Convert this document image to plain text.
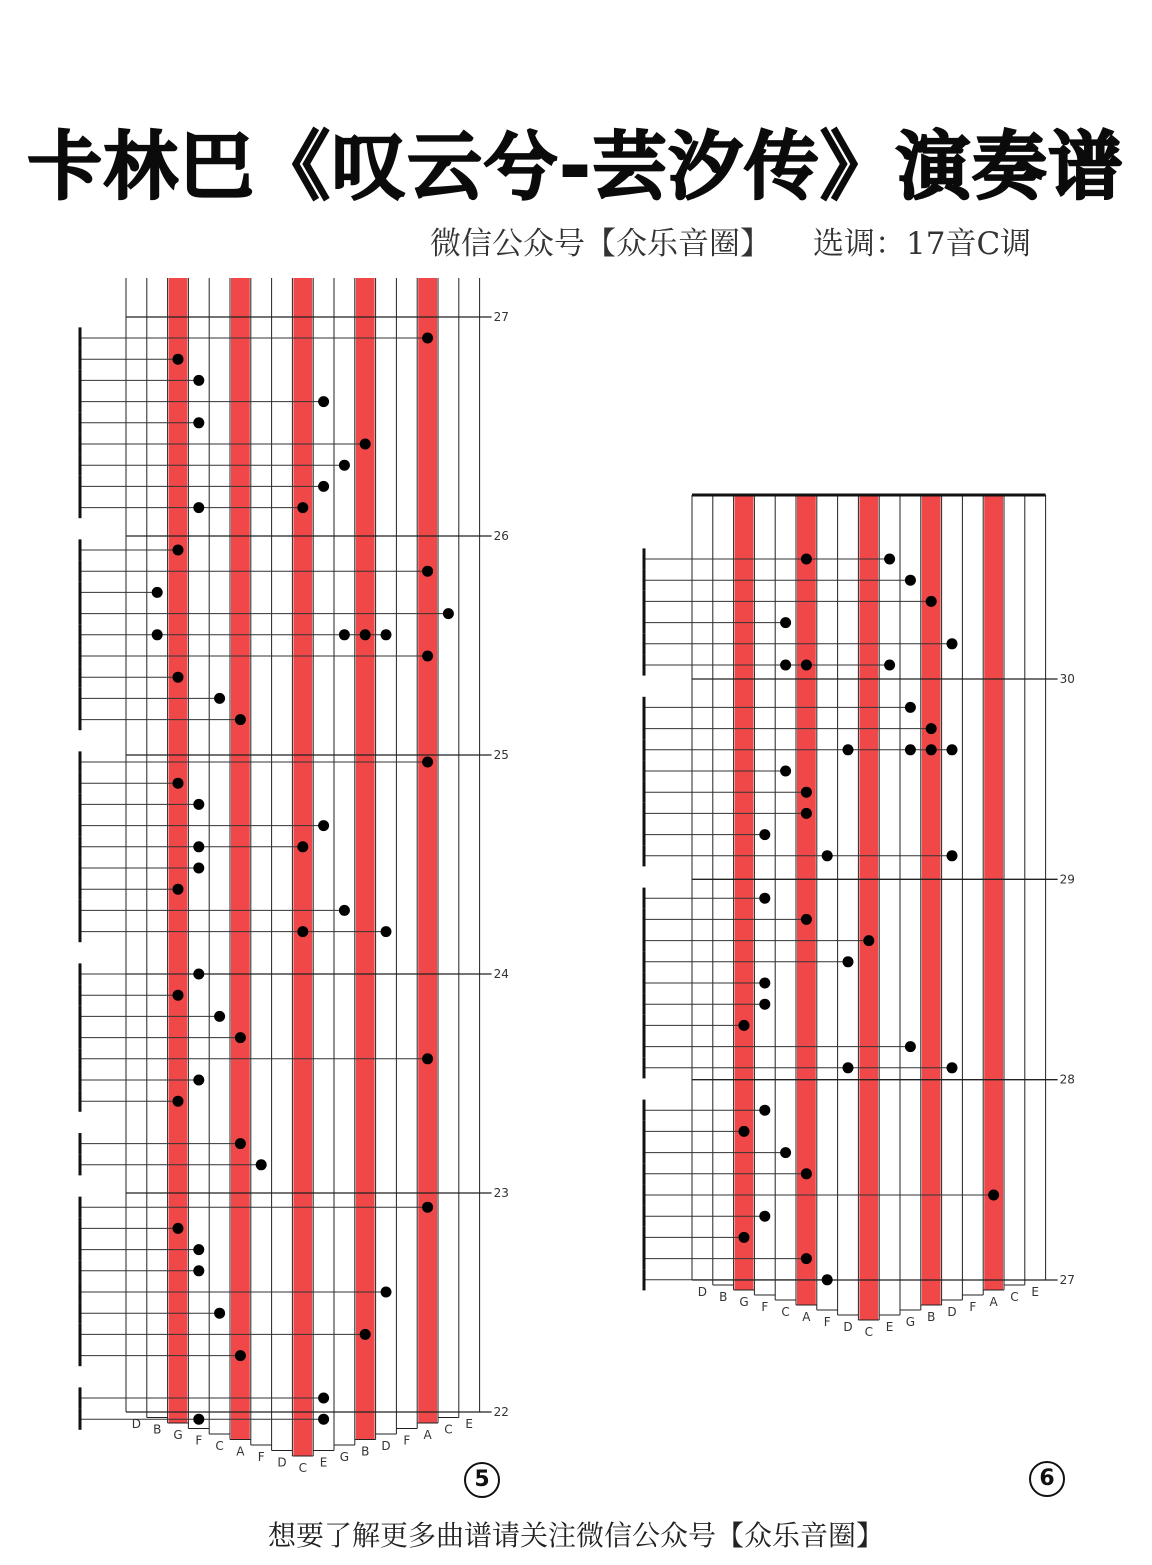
卡林巴《叹云兮-芸汐传》演奏谱
微信公众号【众乐音圈】 选调：17音C调
27
26
25
24
23
22
D B G F C A F D C E G B D F A C E
5
30
29
28
27
D B G F C A F D C E G B D F A C E
6
想要了解更多曲谱请关注微信公众号【众乐音圈】
